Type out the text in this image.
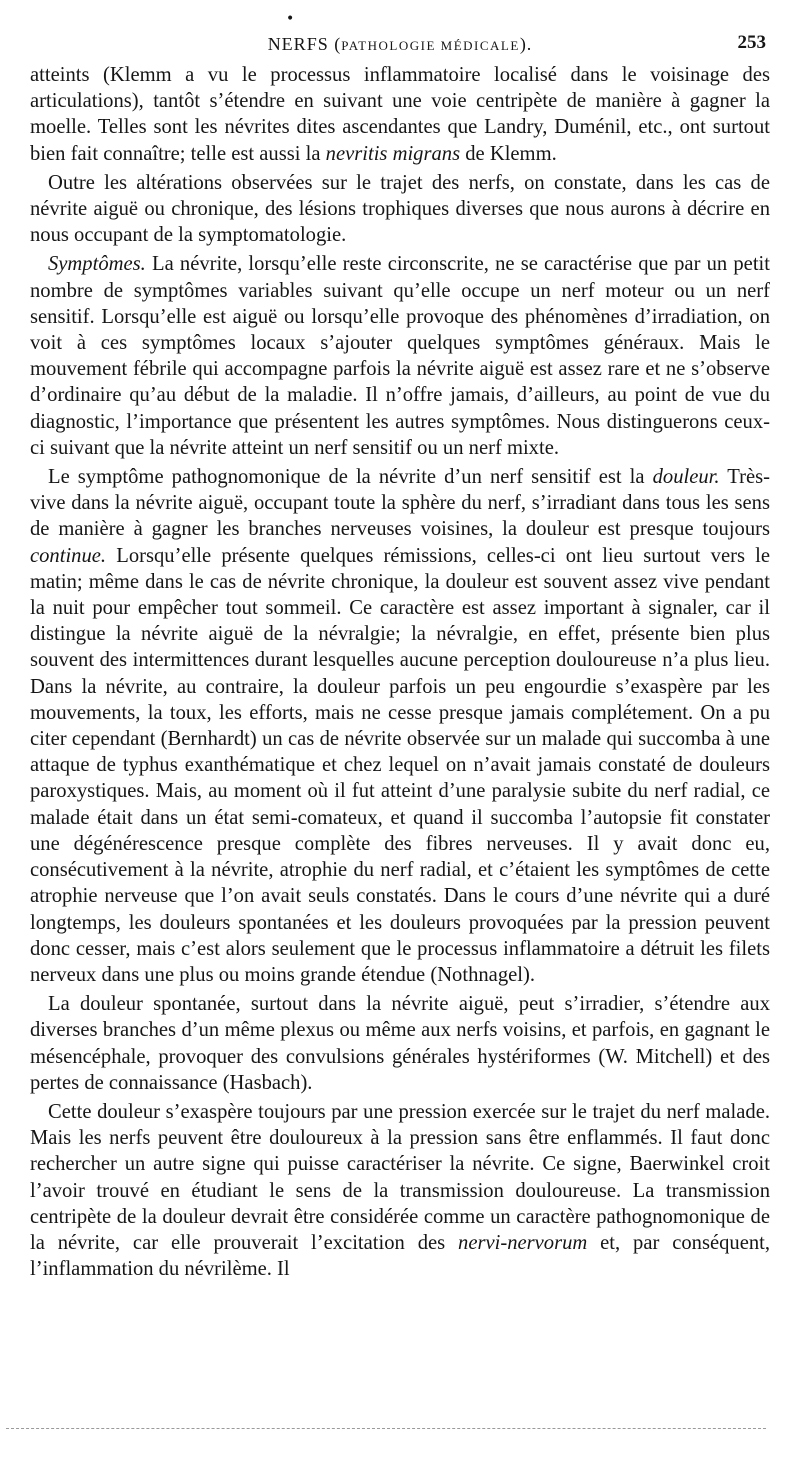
•
NERFS (PATHOLOGIE MÉDICALE).	253

atteints (Klemm a vu le processus inflammatoire localisé dans le voisinage des articulations), tantôt s’étendre en suivant une voie centripète de manière à gagner la moelle. Telles sont les névrites dites ascendantes que Landry, Duménil, etc., ont surtout bien fait connaître; telle est aussi la nevritis migrans de Klemm.

Outre les altérations observées sur le trajet des nerfs, on constate, dans les cas de névrite aiguë ou chronique, des lésions trophiques diverses que nous aurons à décrire en nous occupant de la symptomatologie.

Symptômes. La névrite, lorsqu’elle reste circonscrite, ne se caractérise que par un petit nombre de symptômes variables suivant qu’elle occupe un nerf moteur ou un nerf sensitif. Lorsqu’elle est aiguë ou lorsqu’elle provoque des phénomènes d’irradiation, on voit à ces symptômes locaux s’ajouter quelques symptômes généraux. Mais le mouvement fébrile qui accompagne parfois la névrite aiguë est assez rare et ne s’observe d’ordinaire qu’au début de la maladie. Il n’offre jamais, d’ailleurs, au point de vue du diagnostic, l’importance que présentent les autres symptômes. Nous distinguerons ceux-ci suivant que la névrite atteint un nerf sensitif ou un nerf mixte.

Le symptôme pathognomonique de la névrite d’un nerf sensitif est la douleur. Très-vive dans la névrite aiguë, occupant toute la sphère du nerf, s’irradiant dans tous les sens de manière à gagner les branches nerveuses voisines, la douleur est presque toujours continue. Lorsqu’elle présente quelques rémissions, celles-ci ont lieu surtout vers le matin; même dans le cas de névrite chronique, la douleur est souvent assez vive pendant la nuit pour empêcher tout sommeil. Ce caractère est assez important à signaler, car il distingue la névrite aiguë de la névralgie; la névralgie, en effet, présente bien plus souvent des intermittences durant lesquelles aucune perception douloureuse n’a plus lieu. Dans la névrite, au contraire, la douleur parfois un peu engourdie s’exaspère par les mouvements, la toux, les efforts, mais ne cesse presque jamais complétement. On a pu citer cependant (Bernhardt) un cas de névrite observée sur un malade qui succomba à une attaque de typhus exanthématique et chez lequel on n’avait jamais constaté de douleurs paroxystiques. Mais, au moment où il fut atteint d’une paralysie subite du nerf radial, ce malade était dans un état semi-comateux, et quand il succomba l’autopsie fit constater une dégénérescence presque complète des fibres nerveuses. Il y avait donc eu, consécutivement à la névrite, atrophie du nerf radial, et c’étaient les symptômes de cette atrophie nerveuse que l’on avait seuls constatés. Dans le cours d’une névrite qui a duré longtemps, les douleurs spontanées et les douleurs provoquées par la pression peuvent donc cesser, mais c’est alors seulement que le processus inflammatoire a détruit les filets nerveux dans une plus ou moins grande étendue (Nothnagel).

La douleur spontanée, surtout dans la névrite aiguë, peut s’irradier, s’étendre aux diverses branches d’un même plexus ou même aux nerfs voisins, et parfois, en gagnant le mésencéphale, provoquer des convulsions générales hystériformes (W. Mitchell) et des pertes de connaissance (Hasbach).

Cette douleur s’exaspère toujours par une pression exercée sur le trajet du nerf malade. Mais les nerfs peuvent être douloureux à la pression sans être enflammés. Il faut donc rechercher un autre signe qui puisse caractériser la névrite. Ce signe, Baerwinkel croit l’avoir trouvé en étudiant le sens de la transmission douloureuse. La transmission centripète de la douleur devrait être considérée comme un caractère pathognomonique de la névrite, car elle prouverait l’excitation des nervi-nervorum et, par conséquent, l’inflammation du névrilème. Il
